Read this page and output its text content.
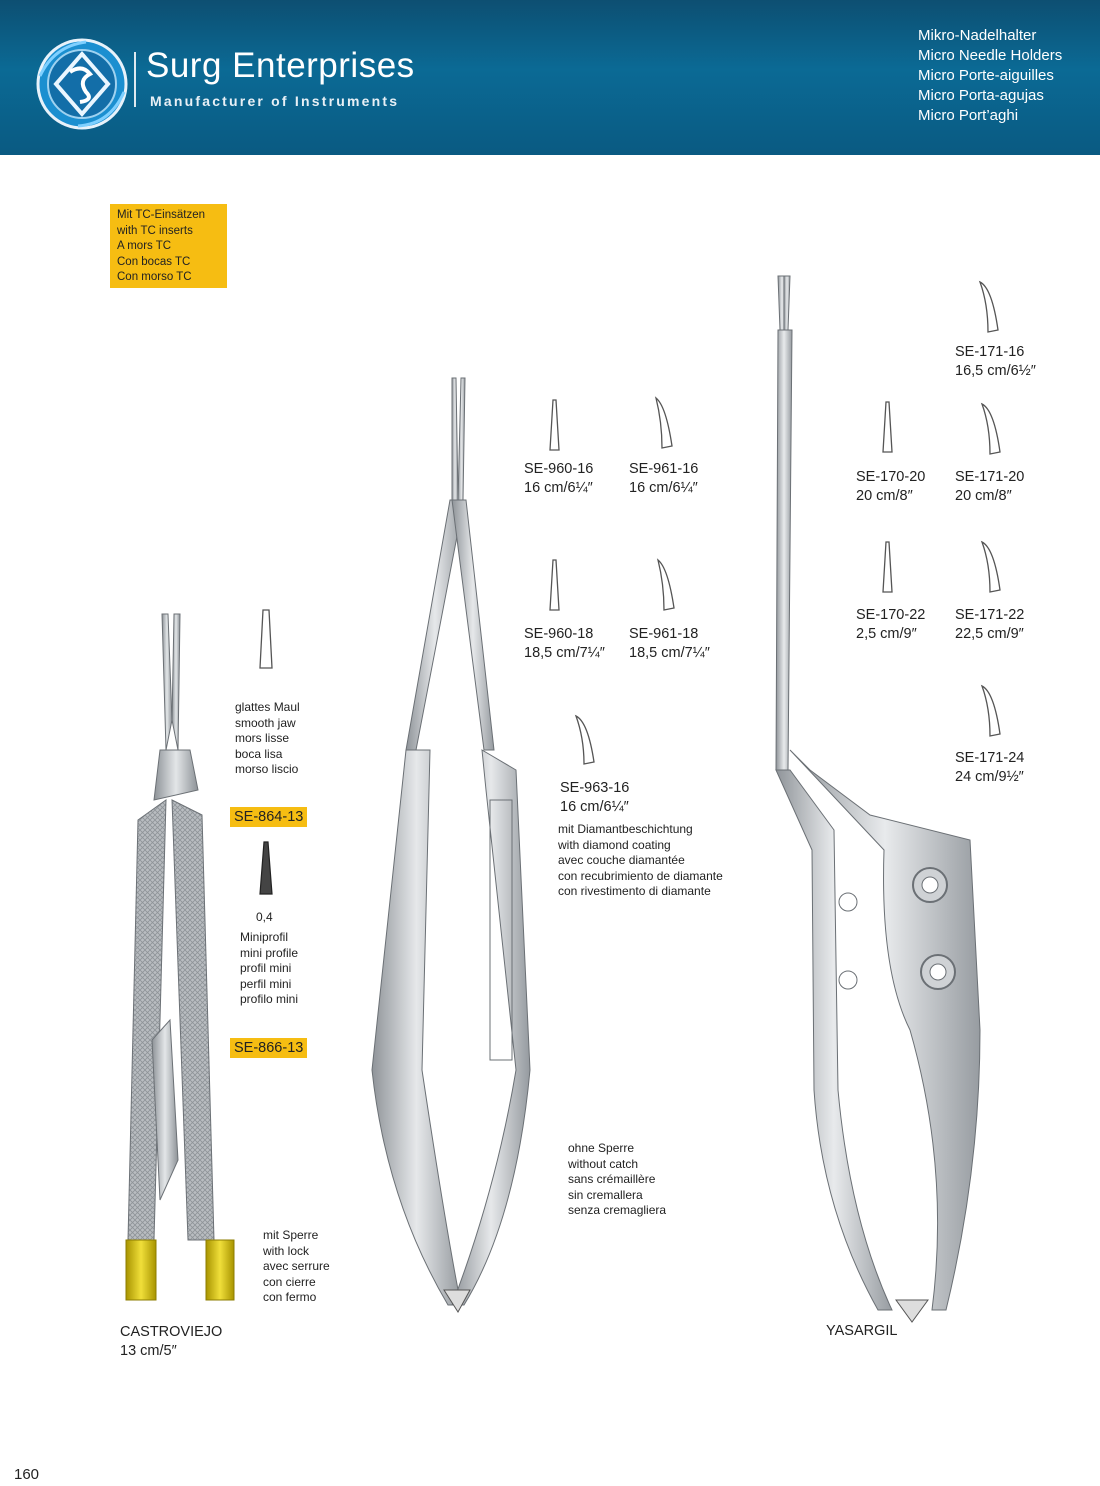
Surg Enterprises
Manufacturer of Instruments
Mikro-Nadelhalter
Micro Needle Holders
Micro Porte-aiguilles
Micro Porta-agujas
Micro Port’aghi
Mit TC-Einsätzen
with TC inserts
A mors TC
Con bocas TC
Con morso TC
glattes Maul
smooth jaw
mors lisse
boca lisa
morso liscio
SE-864-13
0,4
Miniprofil
mini profile
profil mini
perfil mini
profilo mini
SE-866-13
mit Sperre
with lock
avec serrure
con cierre
con fermo
CASTROVIEJO
13 cm/5″
SE-960-16
16 cm/6¼″
SE-961-16
16 cm/6¼″
SE-960-18
18,5 cm/7¼″
SE-961-18
18,5 cm/7¼″
SE-963-16
16 cm/6¼″
mit Diamantbeschichtung
with diamond coating
avec couche diamantée
con recubrimiento de diamante
con rivestimento di diamante
ohne Sperre
without catch
sans crémaillère
sin cremallera
senza cremagliera
SE-171-16
16,5 cm/6½″
SE-170-20
20 cm/8″
SE-171-20
20 cm/8″
SE-170-22
2,5 cm/9″
SE-171-22
22,5 cm/9″
SE-171-24
24 cm/9½″
YASARGIL
160
